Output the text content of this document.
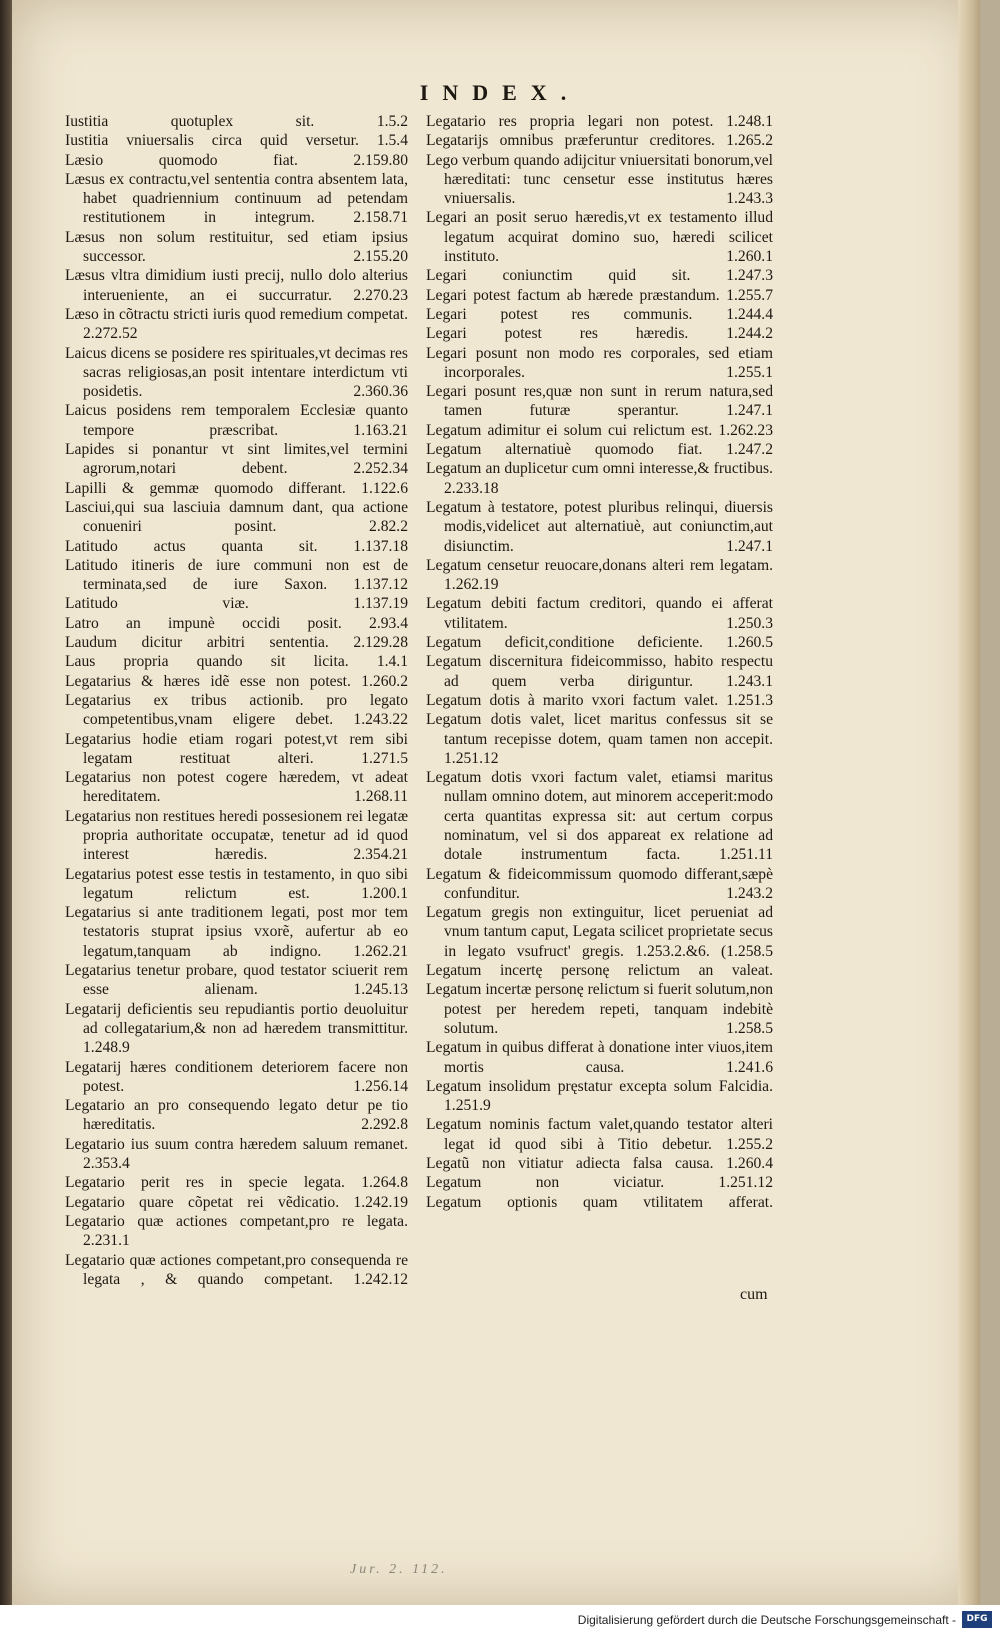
INDEX.

Iustitia quotuplex sit.	1.5.2

Iustitia vniuersalis circa quid versetur. 1.5.4

Læsio quomodo fiat.	2.159.80

Læsus ex contractu,vel sententia contra absentem lata, habet quadriennium continuum ad petendam restitutionem in integrum. 2.158.71

Læsus non solum restituitur, sed etiam ipsius successor.	2.155.20

Læsus vltra dimidium iusti precij, nullo dolo alterius interueniente, an ei succurratur. 2.270.23

Læso in cõtractu stricti iuris quod remedium competat. 2.272.52

Laicus dicens se posidere res spirituales,vt decimas res sacras religiosas,an posit intentare interdictum vti posidetis.	2.360.36

Laicus posidens rem temporalem Ecclesiæ quanto tempore præscribat.	1.163.21

Lapides si ponantur vt sint limites,vel termini agrorum,notari debent.	2.252.34

Lapilli & gemmæ quomodo differant. 1.122.6

Lasciui,qui sua lasciuia damnum dant, qua actione conueniri posint.	2.82.2

Latitudo actus quanta sit. 1.137.18

Latitudo itineris de iure communi non est de terminata,sed de iure Saxon. 1.137.12

Latitudo viæ.	1.137.19

Latro an impunè occidi posit. 2.93.4

Laudum dicitur arbitri sententia. 2.129.28

Laus propria quando sit licita. 1.4.1

Legatarius & hæres idẽ esse non potest. 1.260.2

Legatarius ex tribus actionib. pro legato competentibus,vnam eligere debet. 1.243.22

Legatarius hodie etiam rogari potest,vt rem sibi legatam restituat alteri.	1.271.5

Legatarius non potest cogere hæredem, vt adeat hereditatem.	1.268.11

Legatarius non restitues heredi possesionem rei legatæ propria authoritate occupatæ, tenetur ad id quod interest hæredis.	2.354.21

Legatarius potest esse testis in testamento, in quo sibi legatum relictum est.	1.200.1

Legatarius si ante traditionem legati, post mor tem testatoris stuprat ipsius vxorẽ, aufertur ab eo legatum,tanquam ab indigno. 1.262.21

Legatarius tenetur probare, quod testator sciuerit rem esse alienam.	1.245.13

Legatarij deficientis seu repudiantis portio deuoluitur ad collegatarium,& non ad hæredem transmittitur. 1.248.9

Legatarij hæres conditionem deteriorem facere non potest.	1.256.14

Legatario an pro consequendo legato detur pe tio hæreditatis.	2.292.8

Legatario ius suum contra hæredem saluum remanet. 2.353.4

Legatario perit res in specie legata. 1.264.8

Legatario quare cõpetat rei vẽdicatio. 1.242.19

Legatario quæ actiones competant,pro re legata. 2.231.1

Legatario quæ actiones competant,pro consequenda re legata , & quando competant. 1.242.12

Legatario res propria legari non potest. 1.248.1

Legatarijs omnibus præferuntur creditores. 1.265.2

Lego verbum quando adijcitur vniuersitati bonorum,vel hæreditati: tunc censetur esse institutus hæres vniuersalis.	1.243.3

Legari an posit seruo hæredis,vt ex testamento illud legatum acquirat domino suo, hæredi scilicet instituto.	1.260.1

Legari coniunctim quid sit. 1.247.3

Legari potest factum ab hærede præstandum. 1.255.7

Legari potest res communis. 1.244.4

Legari potest res hæredis. 1.244.2

Legari posunt non modo res corporales, sed etiam incorporales.	1.255.1

Legari posunt res,quæ non sunt in rerum natura,sed tamen futuræ sperantur.	1.247.1

Legatum adimitur ei solum cui relictum est. 1.262.23

Legatum alternatiuè quomodo fiat. 1.247.2

Legatum an duplicetur cum omni interesse,& fructibus. 2.233.18

Legatum à testatore, potest pluribus relinqui, diuersis modis,videlicet aut alternatiuè, aut coniunctim,aut disiunctim.	1.247.1

Legatum censetur reuocare,donans alteri rem legatam. 1.262.19

Legatum debiti factum creditori, quando ei afferat vtilitatem.	1.250.3

Legatum deficit,conditione deficiente. 1.260.5

Legatum discernitura fideicommisso, habito respectu ad quem verba diriguntur. 1.243.1

Legatum dotis à marito vxori factum valet. 1.251.3

Legatum dotis valet, licet maritus confessus sit se tantum recepisse dotem, quam tamen non accepit. 1.251.12

Legatum dotis vxori factum valet, etiamsi maritus nullam omnino dotem, aut minorem acceperit:modo certa quantitas expressa sit: aut certum corpus nominatum, vel si dos appareat ex relatione ad dotale instrumentum facta. 1.251.11

Legatum & fideicommissum quomodo differant,sæpè confunditur.	1.243.2

Legatum gregis non extinguitur, licet perueniat ad vnum tantum caput, Legata scilicet proprietate secus in legato vsufruct' gregis. 1.253.2.&6. (1.258.5

Legatum incertę personę relictum an valeat.

Legatum incertæ personę relictum si fuerit solutum,non potest per heredem repeti, tanquam indebitè solutum.	1.258.5

Legatum in quibus differat à donatione inter viuos,item mortis causa.	1.241.6

Legatum insolidum pręstatur excepta solum Falcidia. 1.251.9

Legatum nominis factum valet,quando testator alteri legat id quod sibi à Titio debetur. 1.255.2

Legatũ non vitiatur adiecta falsa causa. 1.260.4

Legatum non viciatur.	1.251.12

Legatum optionis quam vtilitatem afferat.

cum
Jur. 2. 112.
Digitalisierung gefördert durch die Deutsche Forschungsgemeinschaft -	DFG
